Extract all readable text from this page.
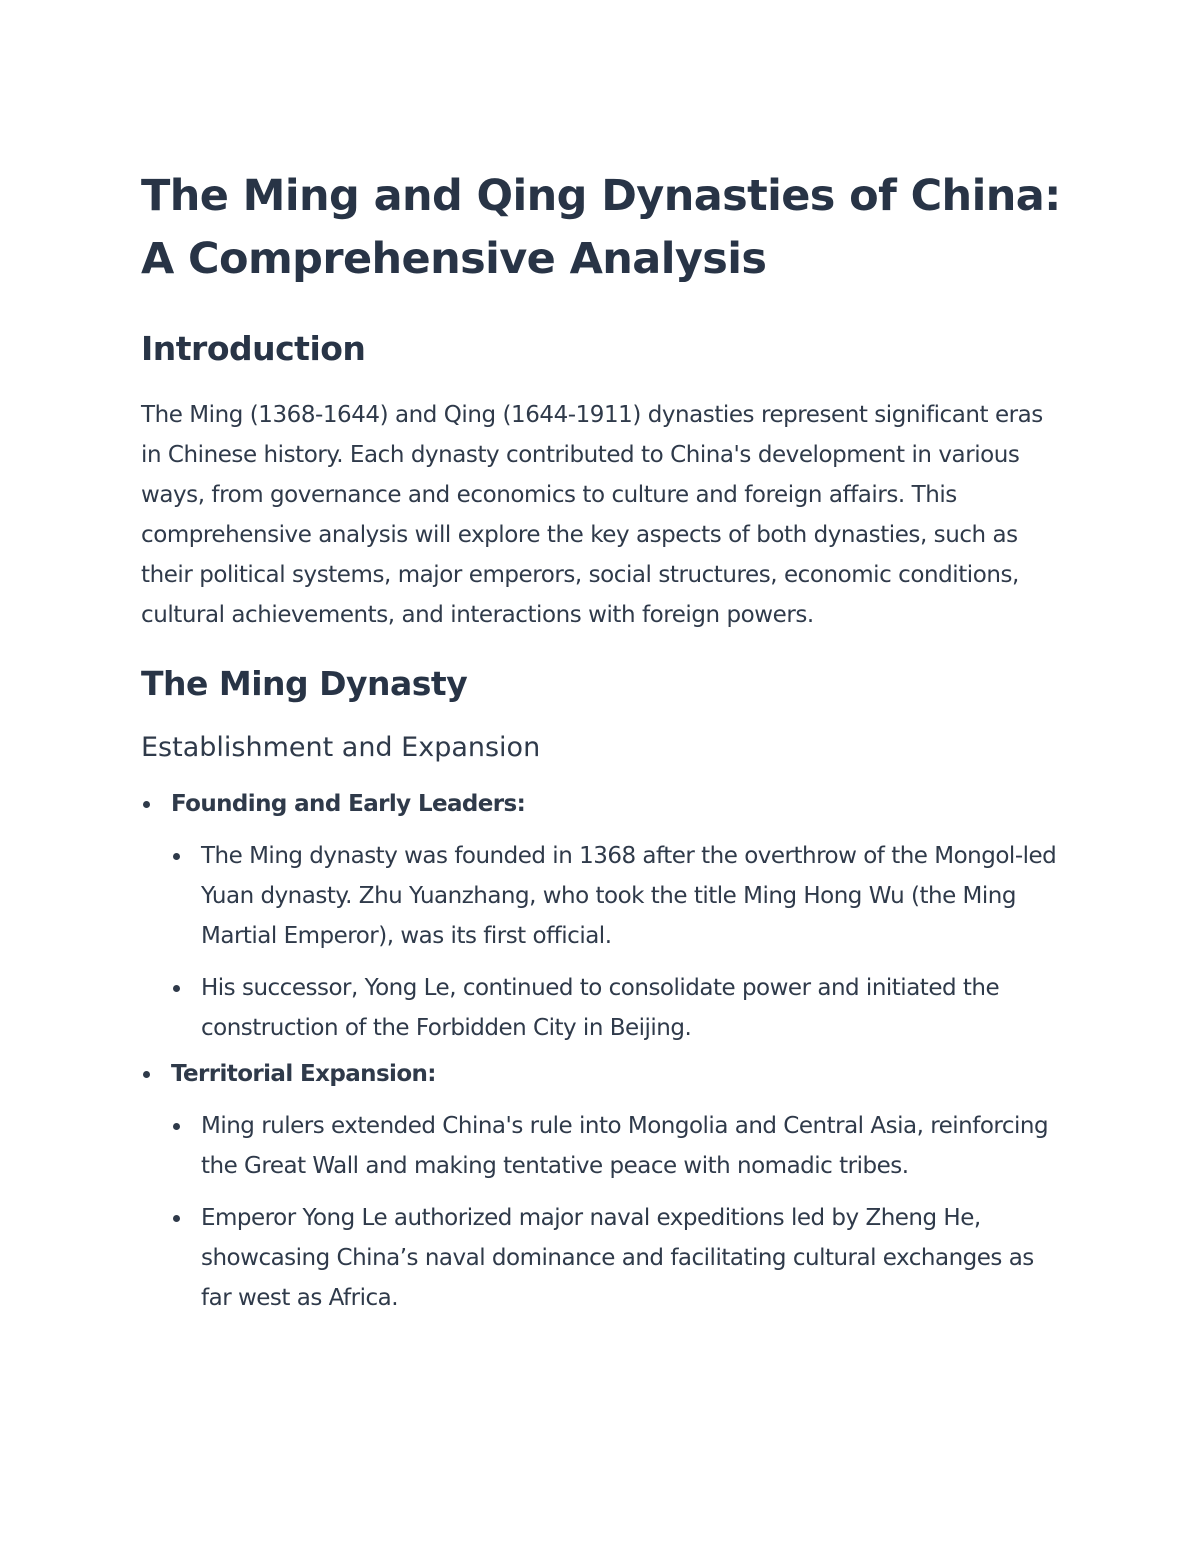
The Ming and Qing Dynasties of China: A Comprehensive Analysis
Introduction

The Ming (1368-1644) and Qing (1644-1911) dynasties represent significant eras in Chinese history. Each dynasty contributed to China's development in various ways, from governance and economics to culture and foreign affairs. This comprehensive analysis will explore the key aspects of both dynasties, such as their political systems, major emperors, social structures, economic conditions, cultural achievements, and interactions with foreign powers.

The Ming Dynasty
Establishment and Expansion
Founding and Early Leaders:
The Ming dynasty was founded in 1368 after the overthrow of the Mongol-led Yuan dynasty. Zhu Yuanzhang, who took the title Ming Hong Wu (the Ming Martial Emperor), was its first official.
His successor, Yong Le, continued to consolidate power and initiated the construction of the Forbidden City in Beijing.
Territorial Expansion:
Ming rulers extended China's rule into Mongolia and Central Asia, reinforcing the Great Wall and making tentative peace with nomadic tribes.
Emperor Yong Le authorized major naval expeditions led by Zheng He, showcasing China’s naval dominance and facilitating cultural exchanges as far west as Africa.
